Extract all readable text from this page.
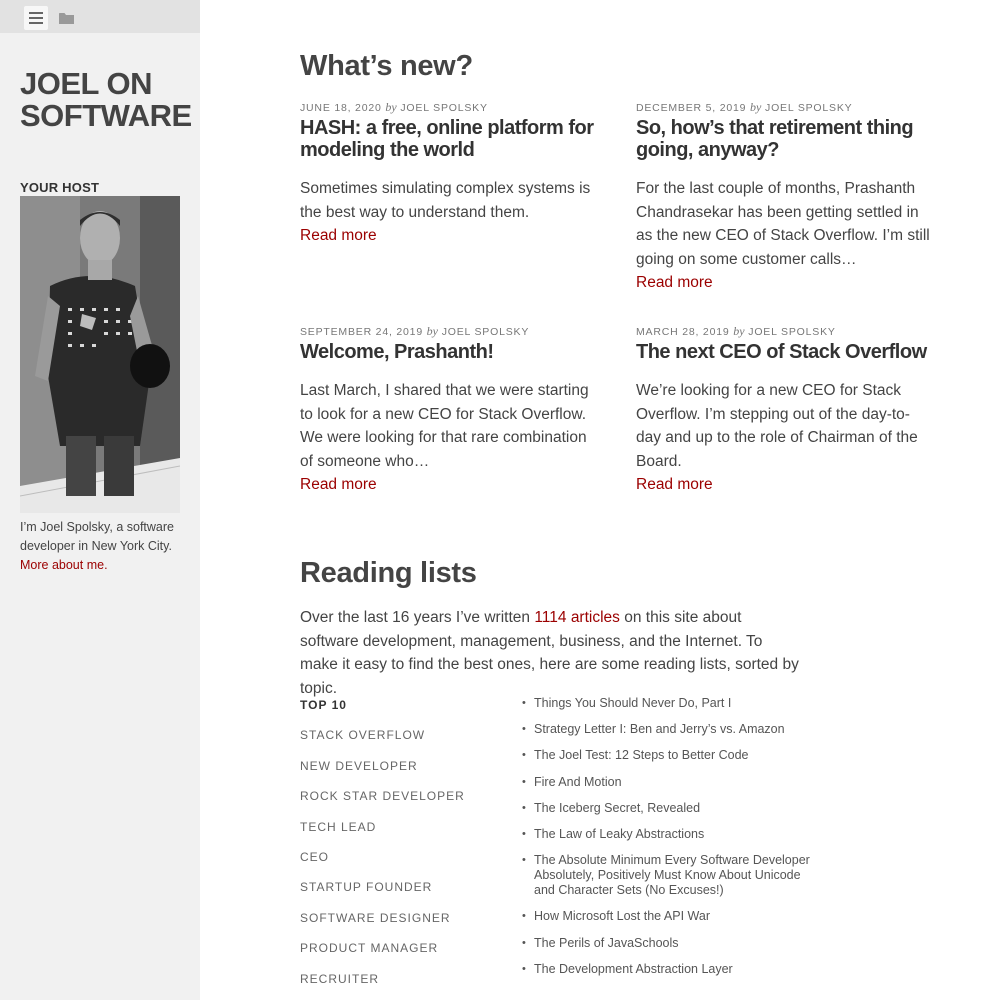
JOEL ON SOFTWARE
YOUR HOST
I’m Joel Spolsky, a software developer in New York City. More about me.
What’s new?
JUNE 18, 2020 by JOEL SPOLSKY
HASH: a free, online platform for modeling the world
Sometimes simulating complex systems is the best way to understand them.
Read more
DECEMBER 5, 2019 by JOEL SPOLSKY
So, how’s that retirement thing going, anyway?
For the last couple of months, Prashanth Chandrasekar has been getting settled in as the new CEO of Stack Overflow. I’m still going on some customer calls…
Read more
SEPTEMBER 24, 2019 by JOEL SPOLSKY
Welcome, Prashanth!
Last March, I shared that we were starting to look for a new CEO for Stack Overflow. We were looking for that rare combination of someone who…
Read more
MARCH 28, 2019 by JOEL SPOLSKY
The next CEO of Stack Overflow
We’re looking for a new CEO for Stack Overflow. I’m stepping out of the day-to-day and up to the role of Chairman of the Board.
Read more
Reading lists

Over the last 16 years I’ve written 1114 articles on this site about software development, management, business, and the Internet. To make it easy to find the best ones, here are some reading lists, sorted by topic.

TOP 10
STACK OVERFLOW
NEW DEVELOPER
ROCK STAR DEVELOPER
TECH LEAD
CEO
STARTUP FOUNDER
SOFTWARE DESIGNER
PRODUCT MANAGER
RECRUITER
• Things You Should Never Do, Part I
• Strategy Letter I: Ben and Jerry’s vs. Amazon
• The Joel Test: 12 Steps to Better Code
• Fire And Motion
• The Iceberg Secret, Revealed
• The Law of Leaky Abstractions
• The Absolute Minimum Every Software Developer Absolutely, Positively Must Know About Unicode and Character Sets (No Excuses!)
• How Microsoft Lost the API War
• The Perils of JavaSchools
• The Development Abstraction Layer
